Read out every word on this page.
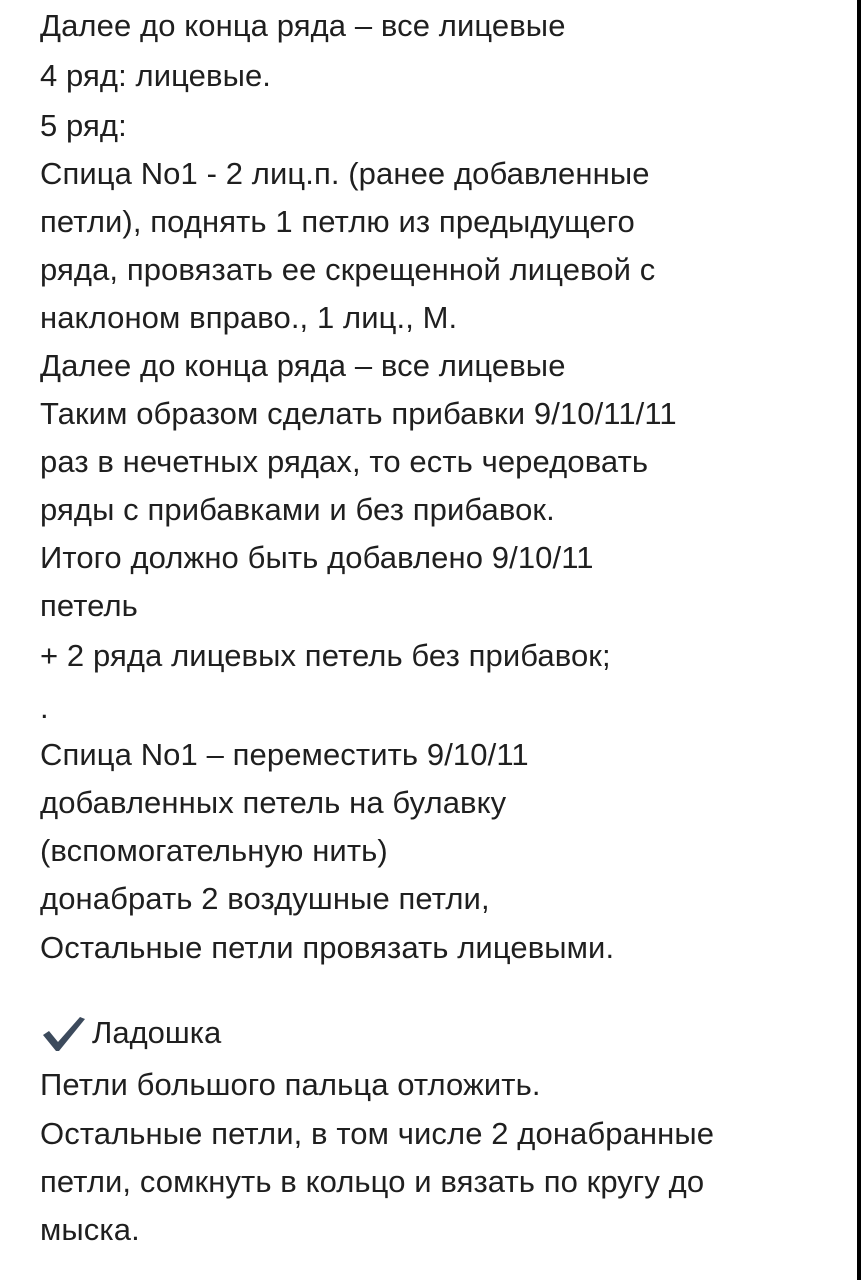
Далее до конца ряда – все лицевые
4 ряд: лицевые.
5 ряд:
Спица No1 - 2 лиц.п. (ранее добавленные
петли), поднять 1 петлю из предыдущего
ряда, провязать ее скрещенной лицевой с
наклоном вправо., 1 лиц., М.
Далее до конца ряда – все лицевые
Таким образом сделать прибавки 9/10/11/11
раз в нечетных рядах, то есть чередовать
ряды с прибавками и без прибавок.
Итого должно быть добавлено 9/10/11
петель
+ 2 ряда лицевых петель без прибавок;
.
Спица No1 – переместить 9/10/11
добавленных петель на булавку
(вспомогательную нить)
донабрать 2 воздушные петли,
Остальные петли провязать лицевыми.
Ладошка
Петли большого пальца отложить.
Остальные петли, в том числе 2 донабранные
петли, сомкнуть в кольцо и вязать по кругу до
мыска.
